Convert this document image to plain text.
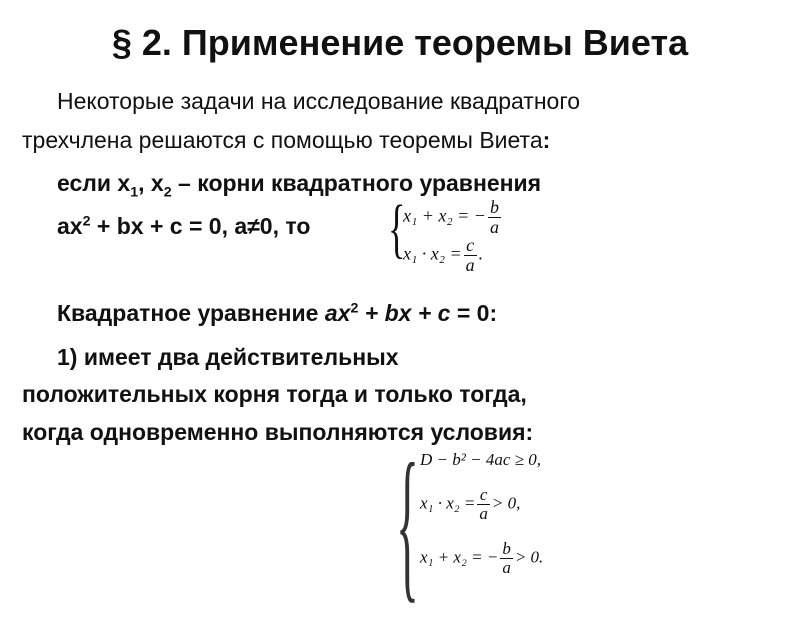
§ 2. Применение теоремы Виета
Некоторые задачи на исследование квадратного
трехчлена решаются с помощью теоремы Виета:
если $х_1$, $х_2$ – корни квадратного уравнения
$ах^2$ + bх + с = 0, а≠0, то {
x₁ + x₂ = − $\frac{b}{a}$
$x_1 \cdot x_2 = \frac{c}{a}$ .
Квадратное уравнение $ax^2$ + bx + c = 0:
1) имеет два действительных
положительных корня тогда и только тогда,
когда одновременно выполняются условия:
{ D − b² − 4ac ≥ 0,
$x_1 \cdot x_2 = \frac{c}{a} > 0$,
x₁ + x₂ = − $\frac{b}{a} > 0$.
